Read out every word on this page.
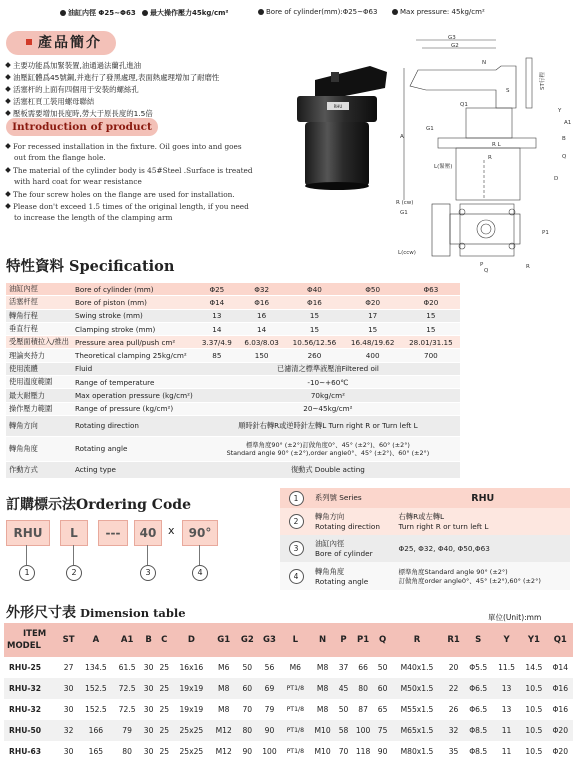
油缸内徑 Φ25~Φ63	最大操作壓力45kg/cm²	Bore of cylinder(mm):Φ25~Φ63	Max pressure: 45kg/cm²
產品簡介
主要功能爲加緊裝置,油通過法蘭孔進油
油壓缸體爲45號鋼,并進行了發黑處理,表面熱處理增加了耐磨性
活塞杆的上面有四個用于安裝的螺絲孔
活塞杠頁工裝用螺母聯結
壓板需要增加長度時,勞大于原長度的1.5倍
Introduction of product
For recessed installation in the fixture. Oil goes into and goes
out from the flange hole.
The material of the cylinder body is 45#Steel .Surface is treated
with hard coat for wear resistance
The four screw holes on the flange are used for installation.
Please don't exceed 1.5 times of the original length, if you need
to increase the length of the clamping arm
RHU
G3
G2
N
S
ST行程
Q1
G1
R L
L(緊壓)
R
A
Y
B
A1
D
Q
R (cw)
G1
L(ccw)
P
P1
Q
R
特性資料 Specification
油缸內徑	Bore of cylinder (mm)	Φ25	Φ32	Φ40	Φ50	Φ63
活塞杆徑	Bore of piston (mm)	Φ14	Φ16	Φ16	Φ20	Φ20
轉角行程	Swing stroke (mm)	13	16	15	17	15
垂直行程	Clamping stroke (mm)	14	14	15	15	15
受壓面積拉入/推出	Pressure area pull/push cm²	3.37/4.9	6.03/8.03	10.56/12.56	16.48/19.62	28.01/31.15
理論夾持力	Theoretical clamping 25kg/cm²	85	150	260	400	700
使用流體	Fluid	已濾清之標準液壓油Filtered oil				
使用溫度範圍	Range of temperature	-10~+60℃				
最大耐壓力	Max operation pressure (kg/cm²)	70kg/cm²				
操作壓力範圍	Range of pressure (kg/cm²)	20~45kg/cm²				
轉角方向	Rotating direction	順時針右轉R或逆時針左轉L Turn right R or Turn left L				
轉角角度	Rotating angle	標準角度90° (±2°)訂做角度0°、45° (±2°)、60° (±2°)
Standard angle 90° (±2°),order angle0°、45° (±2°)、60° (±2°)				
作動方式	Acting type	復動式 Double acting				
訂購標示法Ordering Code
RHU	L	---	40	x	90°
1	2	3	4
1	系列號 Series	RHU
2	轉角方向
Rotating direction	右轉R或左轉L
Turn right R or turn left L
3	油缸內徑
Bore of cylinder	Φ25, Φ32, Φ40, Φ50,Φ63
4	轉角角度
Rotating angle	標準角度Standard angle 90° (±2°)
訂做角度order angle0°、45° (±2°),60° (±2°)
外形尺寸表 Dimension table	單位(Unit):mm
ITEM
MODEL	ST	A	A1	B	C	D	G1	G2	G3	L	N	P	P1	Q	R	R1	S	Y	Y1	Q1
RHU-25	27	134.5	61.5	30	25	16x16	M6	50	56	M6	M8	37	66	50	M40x1.5	20	Φ5.5	11.5	14.5	Φ14
RHU-32	30	152.5	72.5	30	25	19x19	M8	60	69	PT1/8	M8	45	80	60	M50x1.5	22	Φ6.5	13	10.5	Φ16
RHU-32	30	152.5	72.5	30	25	19x19	M8	70	79	PT1/8	M8	50	87	65	M55x1.5	26	Φ6.5	13	10.5	Φ16
RHU-50	32	166	79	30	25	25x25	M12	80	90	PT1/8	M10	58	100	75	M65x1.5	32	Φ8.5	11	10.5	Φ20
RHU-63	30	165	80	30	25	25x25	M12	90	100	PT1/8	M10	70	118	90	M80x1.5	35	Φ8.5	11	10.5	Φ20
